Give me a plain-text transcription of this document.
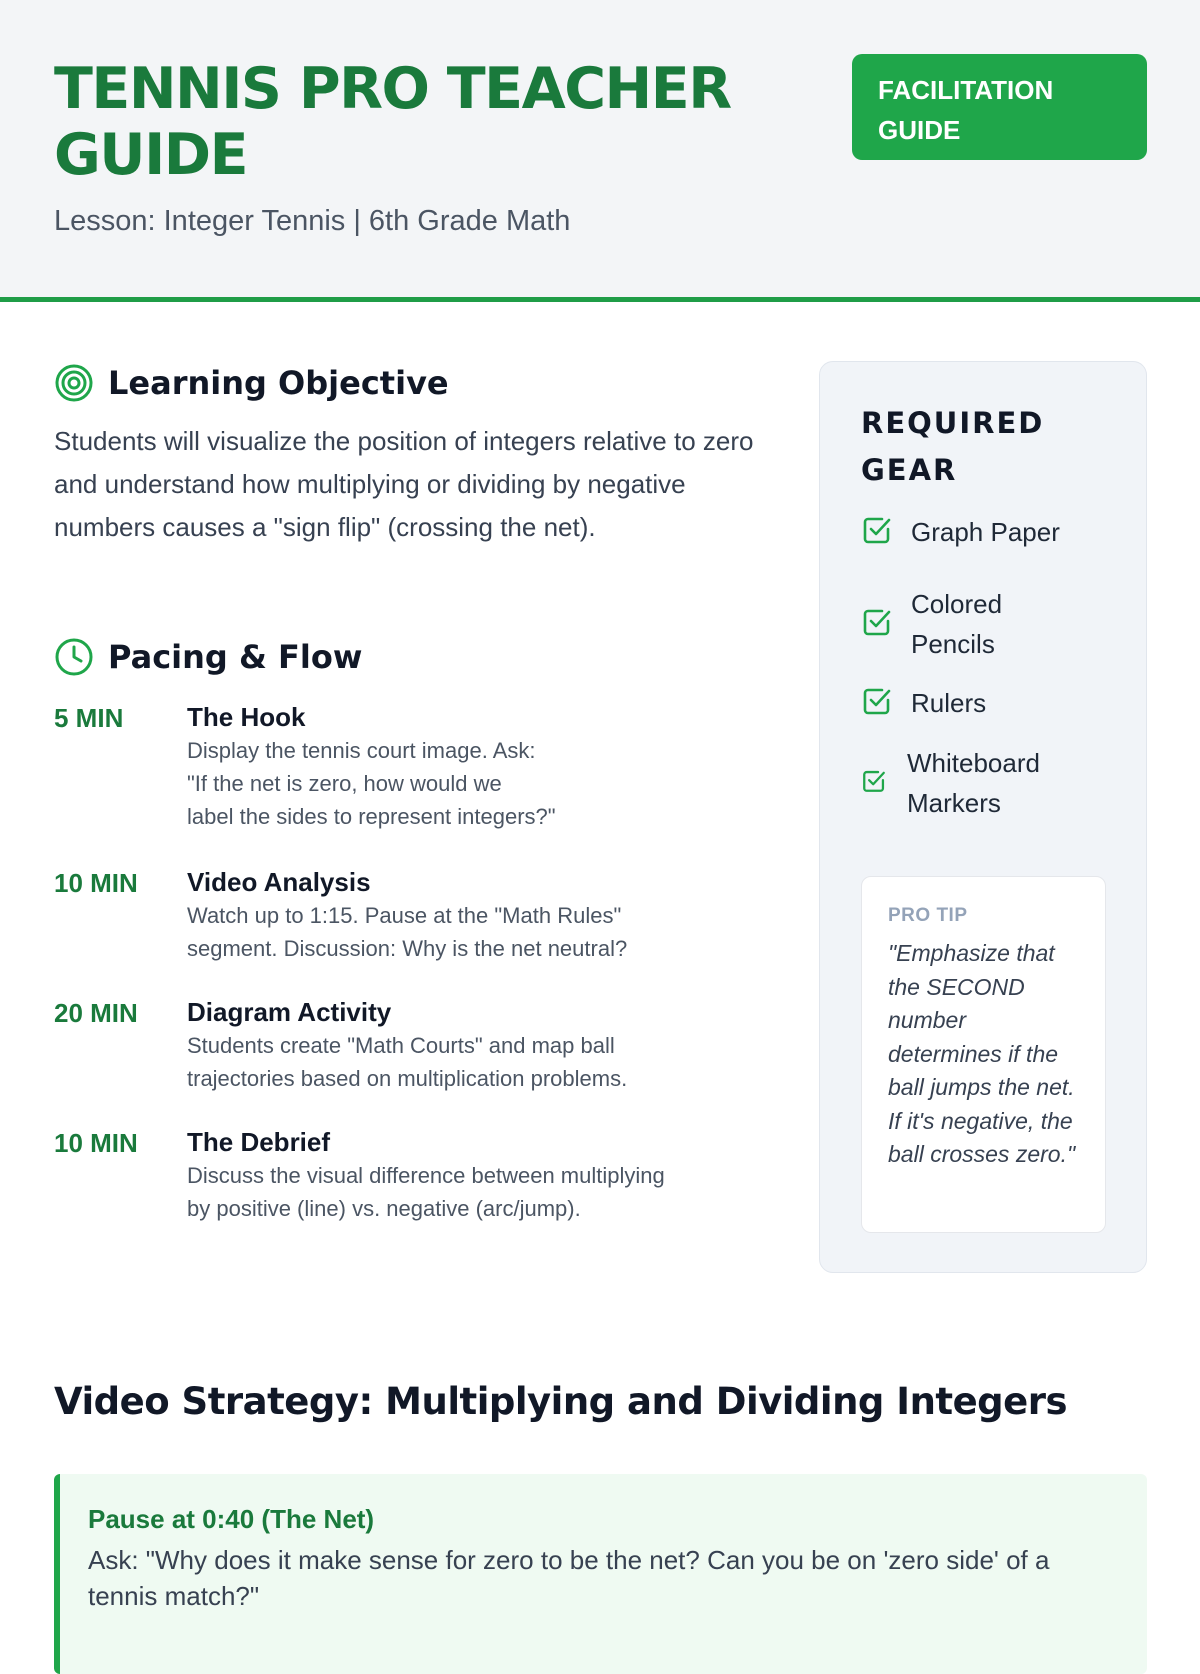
TENNIS PRO TEACHER GUIDE

Lesson: Integer Tennis | 6th Grade Math

FACILITATION GUIDE
Learning Objective

Students will visualize the position of integers relative to zero and understand how multiplying or dividing by negative numbers causes a "sign flip" (crossing the net).

Pacing & Flow
5 MIN	The Hook
Display the tennis court image. Ask:
"If the net is zero, how would we
label the sides to represent integers?"
10 MIN	Video Analysis
Watch up to 1:15. Pause at the "Math Rules"
segment. Discussion: Why is the net neutral?
20 MIN	Diagram Activity
Students create "Math Courts" and map ball
trajectories based on multiplication problems.
10 MIN	The Debrief
Discuss the visual difference between multiplying
by positive (line) vs. negative (arc/jump).
REQUIRED GEAR
Graph Paper
Colored Pencils
Rulers
Whiteboard Markers

PRO TIP

"Emphasize that the SECOND number determines if the ball jumps the net. If it's negative, the ball crosses zero."

Video Strategy: Multiplying and Dividing Integers

Pause at 0:40 (The Net)

Ask: "Why does it make sense for zero to be the net? Can you be on 'zero side' of a tennis match?"
